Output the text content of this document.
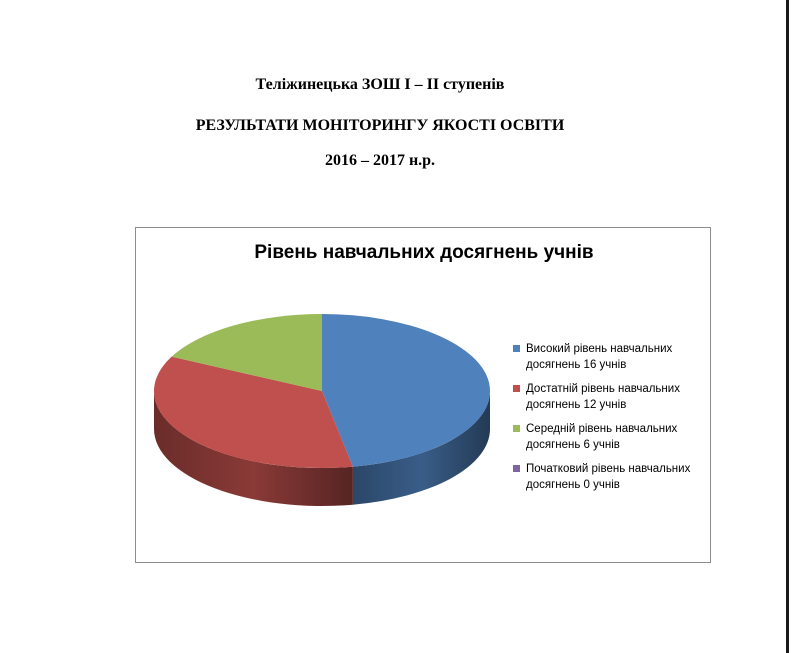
Теліжинецька ЗОШ І – ІІ ступенів
РЕЗУЛЬТАТИ МОНІТОРИНГУ ЯКОСТІ ОСВІТИ
2016 – 2017 н.р.
Рівень навчальних досягнень учнів
Високий рівень навчальних досягнень 16 учнів
Достатній рівень навчальних досягнень 12 учнів
Середній рівень навчальних досягнень 6 учнів
Початковий рівень навчальних досягнень 0 учнів
